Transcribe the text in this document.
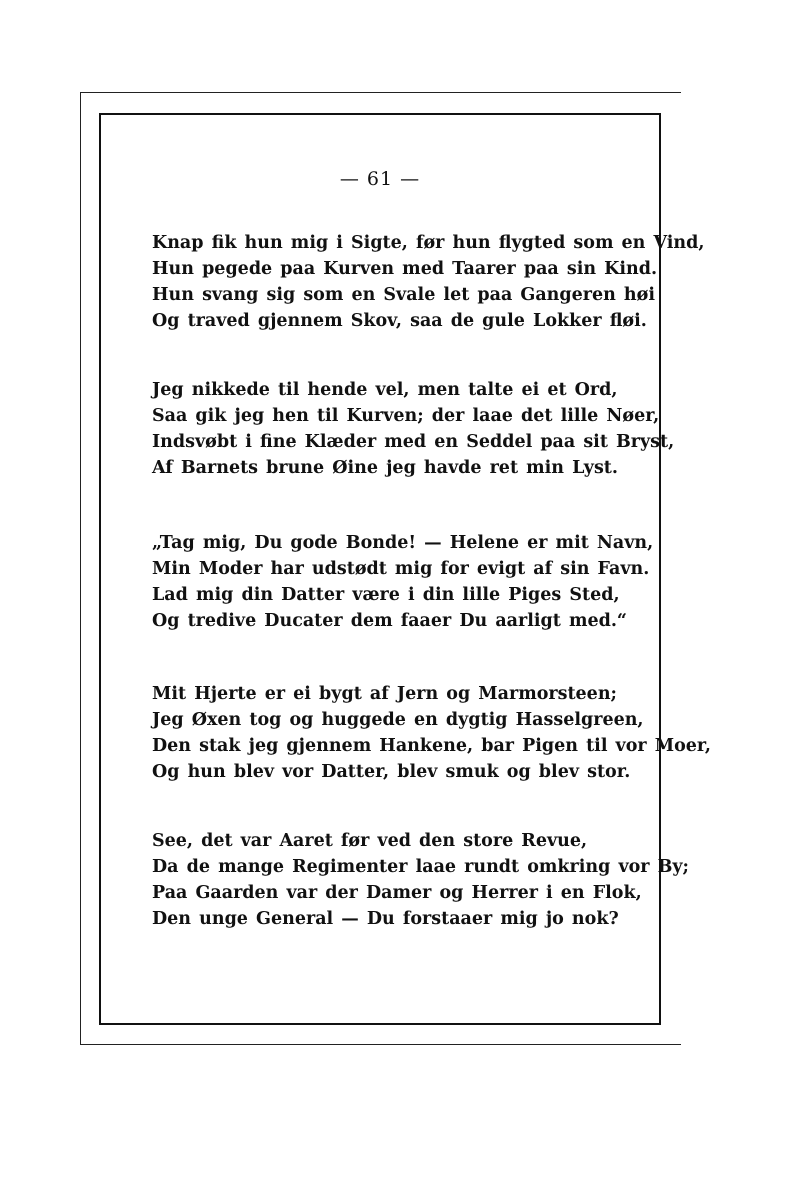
— 61 —
Knap fik hun mig i Sigte, før hun flygted som en Vind,
Hun pegede paa Kurven med Taarer paa sin Kind.
Hun svang sig som en Svale let paa Gangeren høi
Og traved gjennem Skov, saa de gule Lokker fløi.
Jeg nikkede til hende vel, men talte ei et Ord,
Saa gik jeg hen til Kurven; der laae det lille Nøer,
Indsvøbt i fine Klæder med en Seddel paa sit Bryst,
Af Barnets brune Øine jeg havde ret min Lyst.
„Tag mig, Du gode Bonde! — Helene er mit Navn,
Min Moder har udstødt mig for evigt af sin Favn.
Lad mig din Datter være i din lille Piges Sted,
Og tredive Ducater dem faaer Du aarligt med.“
Mit Hjerte er ei bygt af Jern og Marmorsteen;
Jeg Øxen tog og huggede en dygtig Hasselgreen,
Den stak jeg gjennem Hankene, bar Pigen til vor Moer,
Og hun blev vor Datter, blev smuk og blev stor.
See, det var Aaret før ved den store Revue,
Da de mange Regimenter laae rundt omkring vor By;
Paa Gaarden var der Damer og Herrer i en Flok,
Den unge General — Du forstaaer mig jo nok?
